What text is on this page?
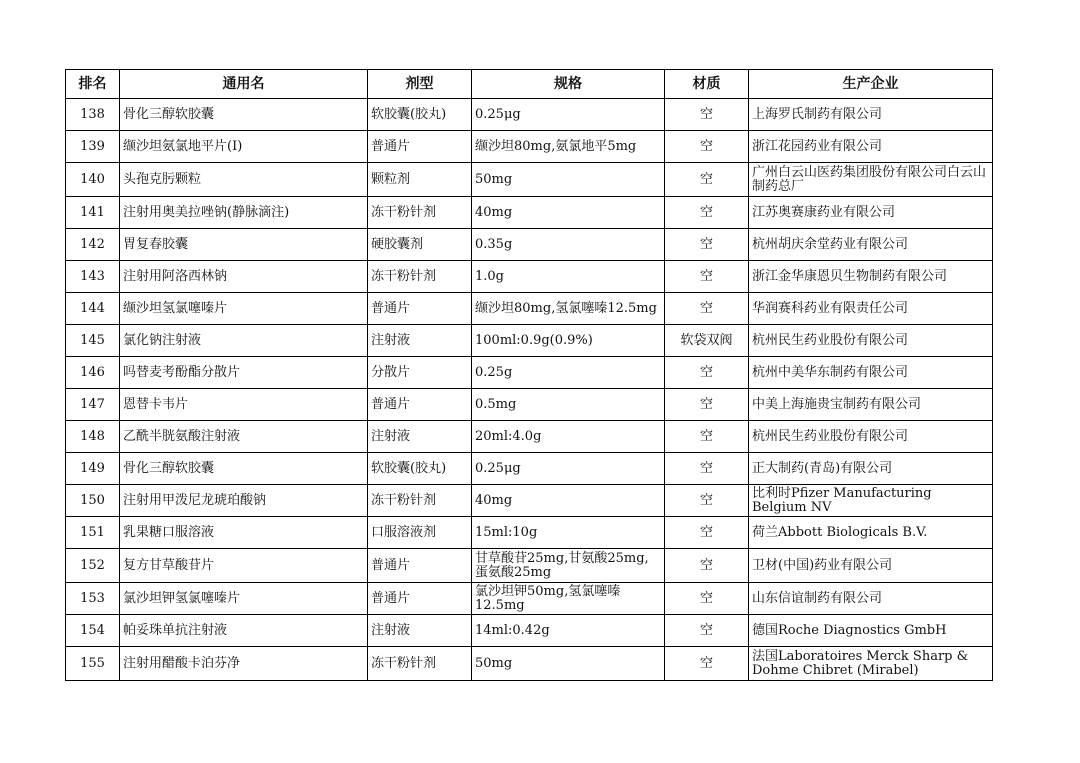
排名	通用名	剂型	规格	材质	生产企业
138	骨化三醇软胶囊	软胶囊(胶丸)	0.25μg	空	上海罗氏制药有限公司
139	缬沙坦氨氯地平片(Ⅰ)	普通片	缬沙坦80mg,氨氯地平5mg	空	浙江花园药业有限公司
140	头孢克肟颗粒	颗粒剂	50mg	空	广州白云山医药集团股份有限公司白云山制药总厂
141	注射用奥美拉唑钠(静脉滴注)	冻干粉针剂	40mg	空	江苏奥赛康药业有限公司
142	胃复春胶囊	硬胶囊剂	0.35g	空	杭州胡庆余堂药业有限公司
143	注射用阿洛西林钠	冻干粉针剂	1.0g	空	浙江金华康恩贝生物制药有限公司
144	缬沙坦氢氯噻嗪片	普通片	缬沙坦80mg,氢氯噻嗪12.5mg	空	华润赛科药业有限责任公司
145	氯化钠注射液	注射液	100ml:0.9g(0.9%)	软袋双阀	杭州民生药业股份有限公司
146	吗替麦考酚酯分散片	分散片	0.25g	空	杭州中美华东制药有限公司
147	恩替卡韦片	普通片	0.5mg	空	中美上海施贵宝制药有限公司
148	乙酰半胱氨酸注射液	注射液	20ml:4.0g	空	杭州民生药业股份有限公司
149	骨化三醇软胶囊	软胶囊(胶丸)	0.25μg	空	正大制药(青岛)有限公司
150	注射用甲泼尼龙琥珀酸钠	冻干粉针剂	40mg	空	比利时Pfizer Manufacturing Belgium NV
151	乳果糖口服溶液	口服溶液剂	15ml:10g	空	荷兰Abbott Biologicals B.V.
152	复方甘草酸苷片	普通片	甘草酸苷25mg,甘氨酸25mg,蛋氨酸25mg	空	卫材(中国)药业有限公司
153	氯沙坦钾氢氯噻嗪片	普通片	氯沙坦钾50mg,氢氯噻嗪12.5mg	空	山东信谊制药有限公司
154	帕妥珠单抗注射液	注射液	14ml:0.42g	空	德国Roche Diagnostics GmbH
155	注射用醋酸卡泊芬净	冻干粉针剂	50mg	空	法国Laboratoires Merck Sharp & Dohme Chibret (Mirabel)
